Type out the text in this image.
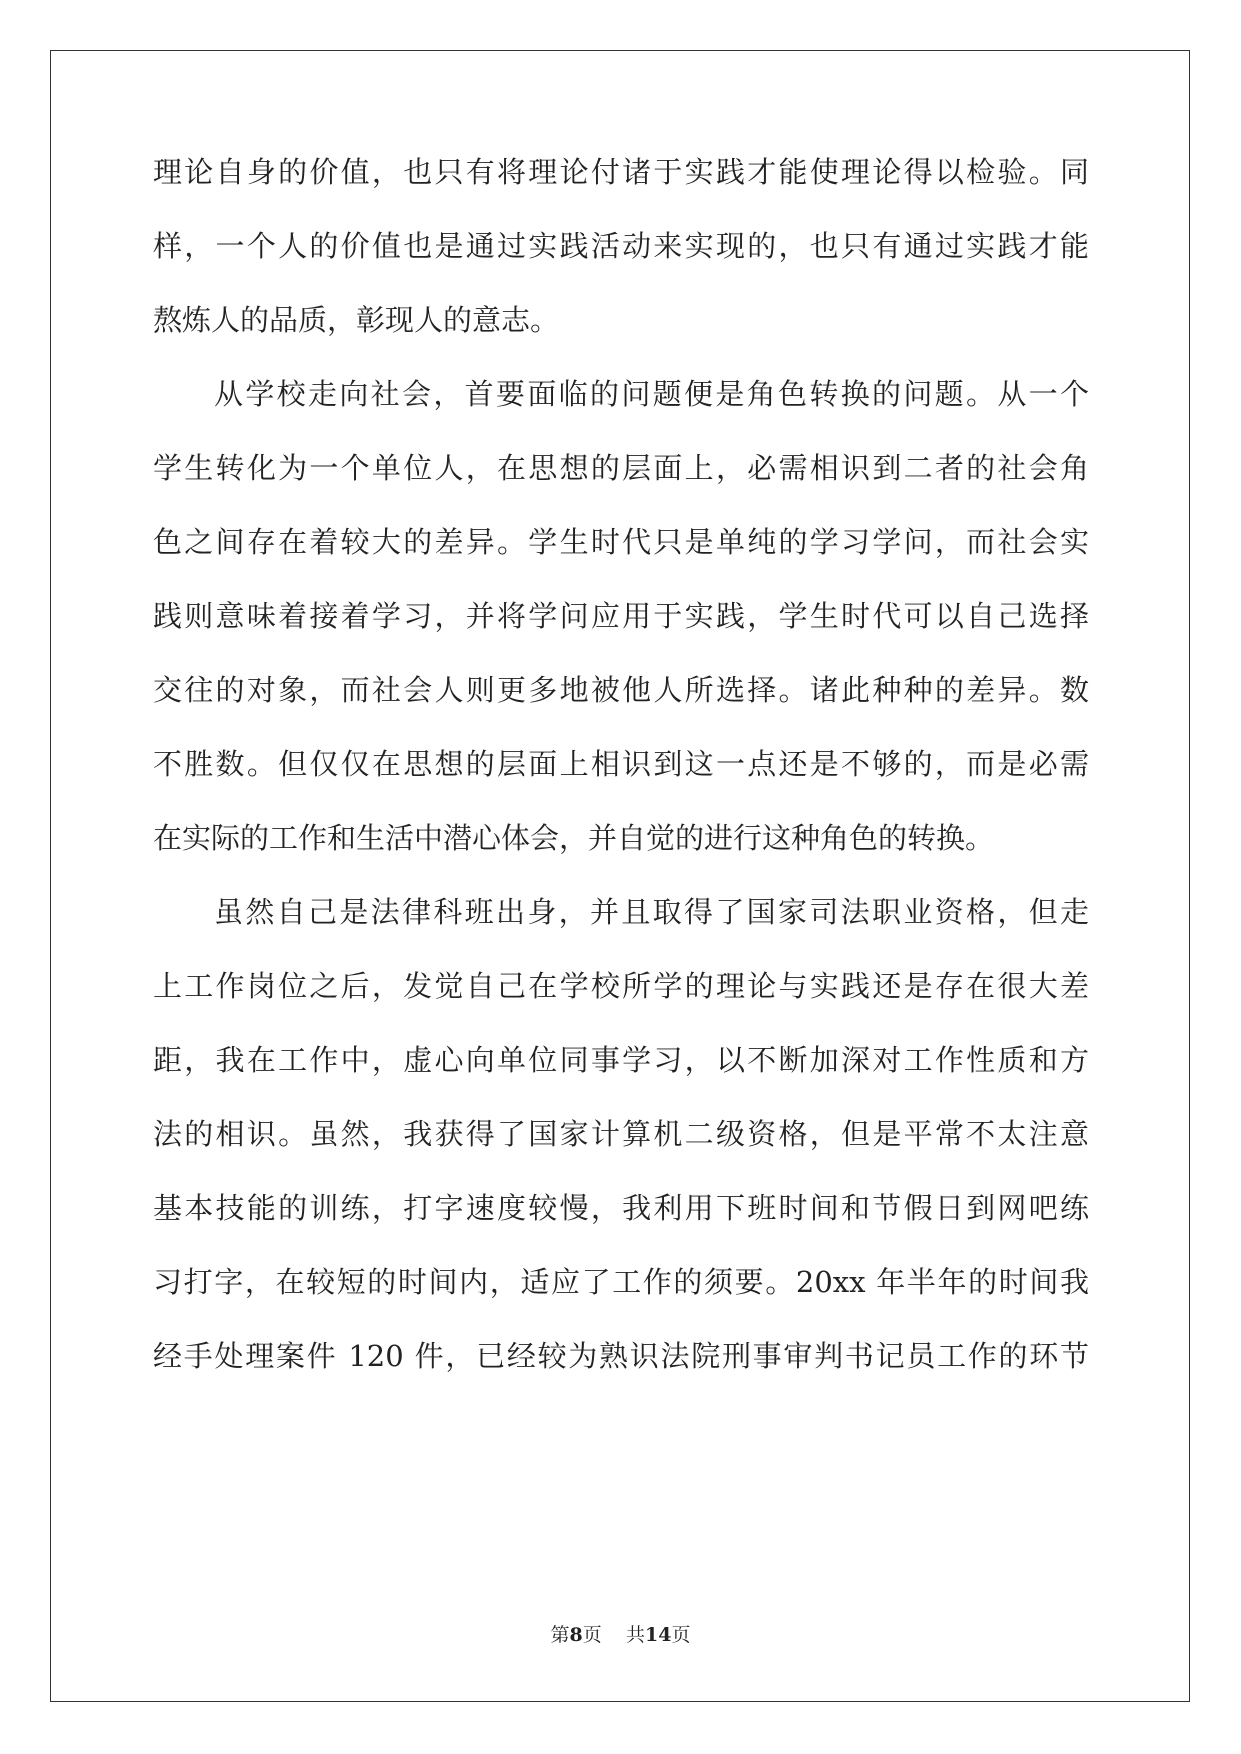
理论自身的价值，也只有将理论付诸于实践才能使理论得以检验。同
样，一个人的价值也是通过实践活动来实现的，也只有通过实践才能
熬炼人的品质，彰现人的意志。
从学校走向社会，首要面临的问题便是角色转换的问题。从一个
学生转化为一个单位人，在思想的层面上，必需相识到二者的社会角
色之间存在着较大的差异。学生时代只是单纯的学习学问，而社会实
践则意味着接着学习，并将学问应用于实践，学生时代可以自己选择
交往的对象，而社会人则更多地被他人所选择。诸此种种的差异。数
不胜数。但仅仅在思想的层面上相识到这一点还是不够的，而是必需
在实际的工作和生活中潜心体会，并自觉的进行这种角色的转换。
虽然自己是法律科班出身，并且取得了国家司法职业资格，但走
上工作岗位之后，发觉自己在学校所学的理论与实践还是存在很大差
距，我在工作中，虚心向单位同事学习，以不断加深对工作性质和方
法的相识。虽然，我获得了国家计算机二级资格，但是平常不太注意
基本技能的训练，打字速度较慢，我利用下班时间和节假日到网吧练
习打字，在较短的时间内，适应了工作的须要。20xx 年半年的时间我
经手处理案件 120 件，已经较为熟识法院刑事审判书记员工作的环节
第8页 共14页
